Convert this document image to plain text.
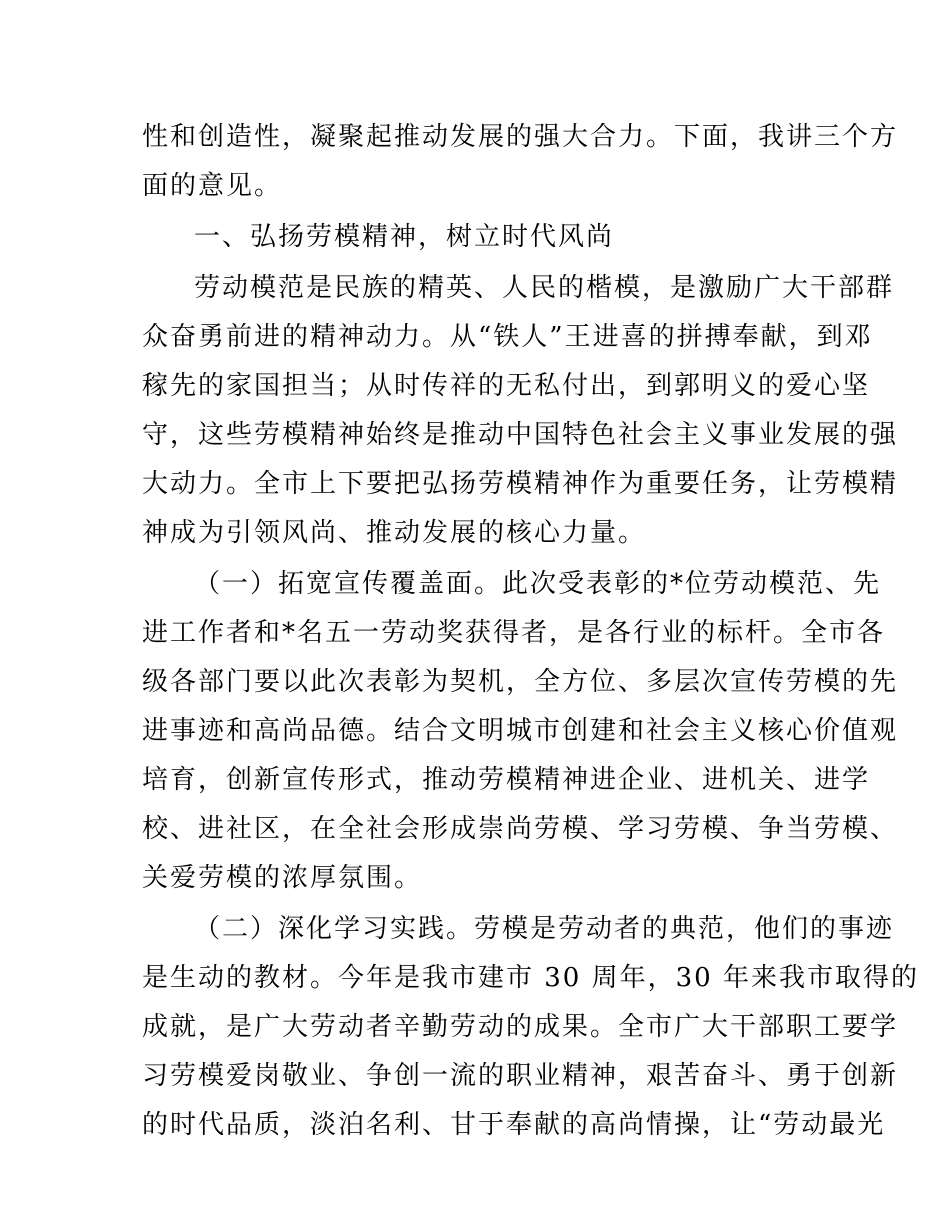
性和创造性，凝聚起推动发展的强大合力。下面，我讲三个方
面的意见。
一、弘扬劳模精神，树立时代风尚
劳动模范是民族的精英、人民的楷模，是激励广大干部群
众奋勇前进的精神动力。从“铁人”王进喜的拼搏奉献，到邓
稼先的家国担当；从时传祥的无私付出，到郭明义的爱心坚
守，这些劳模精神始终是推动中国特色社会主义事业发展的强
大动力。全市上下要把弘扬劳模精神作为重要任务，让劳模精
神成为引领风尚、推动发展的核心力量。
（一）拓宽宣传覆盖面。此次受表彰的*位劳动模范、先
进工作者和*名五一劳动奖获得者，是各行业的标杆。全市各
级各部门要以此次表彰为契机，全方位、多层次宣传劳模的先
进事迹和高尚品德。结合文明城市创建和社会主义核心价值观
培育，创新宣传形式，推动劳模精神进企业、进机关、进学
校、进社区，在全社会形成崇尚劳模、学习劳模、争当劳模、
关爱劳模的浓厚氛围。
（二）深化学习实践。劳模是劳动者的典范，他们的事迹
是生动的教材。今年是我市建市 30 周年，30 年来我市取得的
成就，是广大劳动者辛勤劳动的成果。全市广大干部职工要学
习劳模爱岗敬业、争创一流的职业精神，艰苦奋斗、勇于创新
的时代品质，淡泊名利、甘于奉献的高尚情操，让“劳动最光
